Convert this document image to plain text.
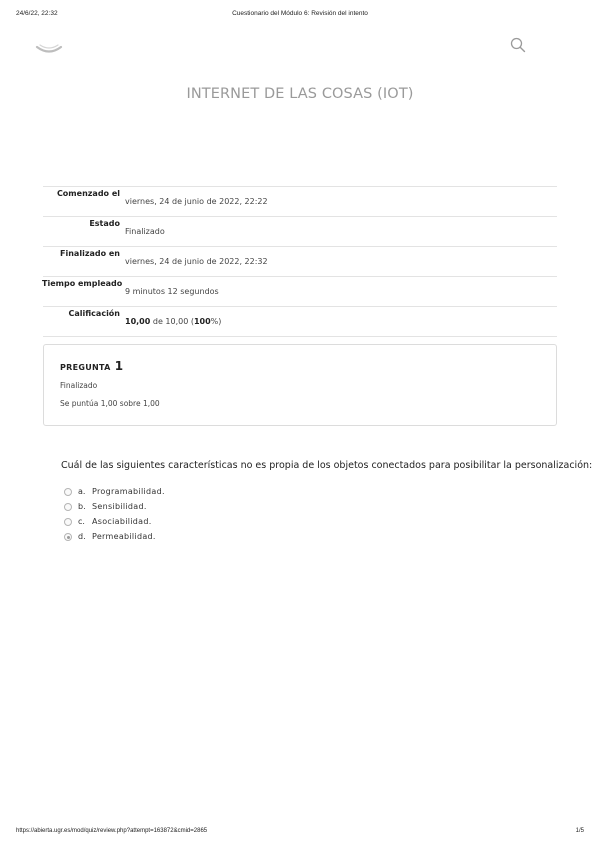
24/6/22, 22:32	Cuestionario del Módulo 6: Revisión del intento
INTERNET DE LAS COSAS (IOT)
Comenzado el
viernes, 24 de junio de 2022, 22:22
Estado
Finalizado
Finalizado en
viernes, 24 de junio de 2022, 22:32
Tiempo empleado
9 minutos 12 segundos
Calificación
10,00 de 10,00 (100%)
PREGUNTA 1
Finalizado
Se puntúa 1,00 sobre 1,00
Cuál de las siguientes características no es propia de los objetos conectados para posibilitar la personalización:
a. Programabilidad.
b. Sensibilidad.
c. Asociabilidad.
d. Permeabilidad.
https://abierta.ugr.es/mod/quiz/review.php?attempt=163872&cmid=2865	1/5
